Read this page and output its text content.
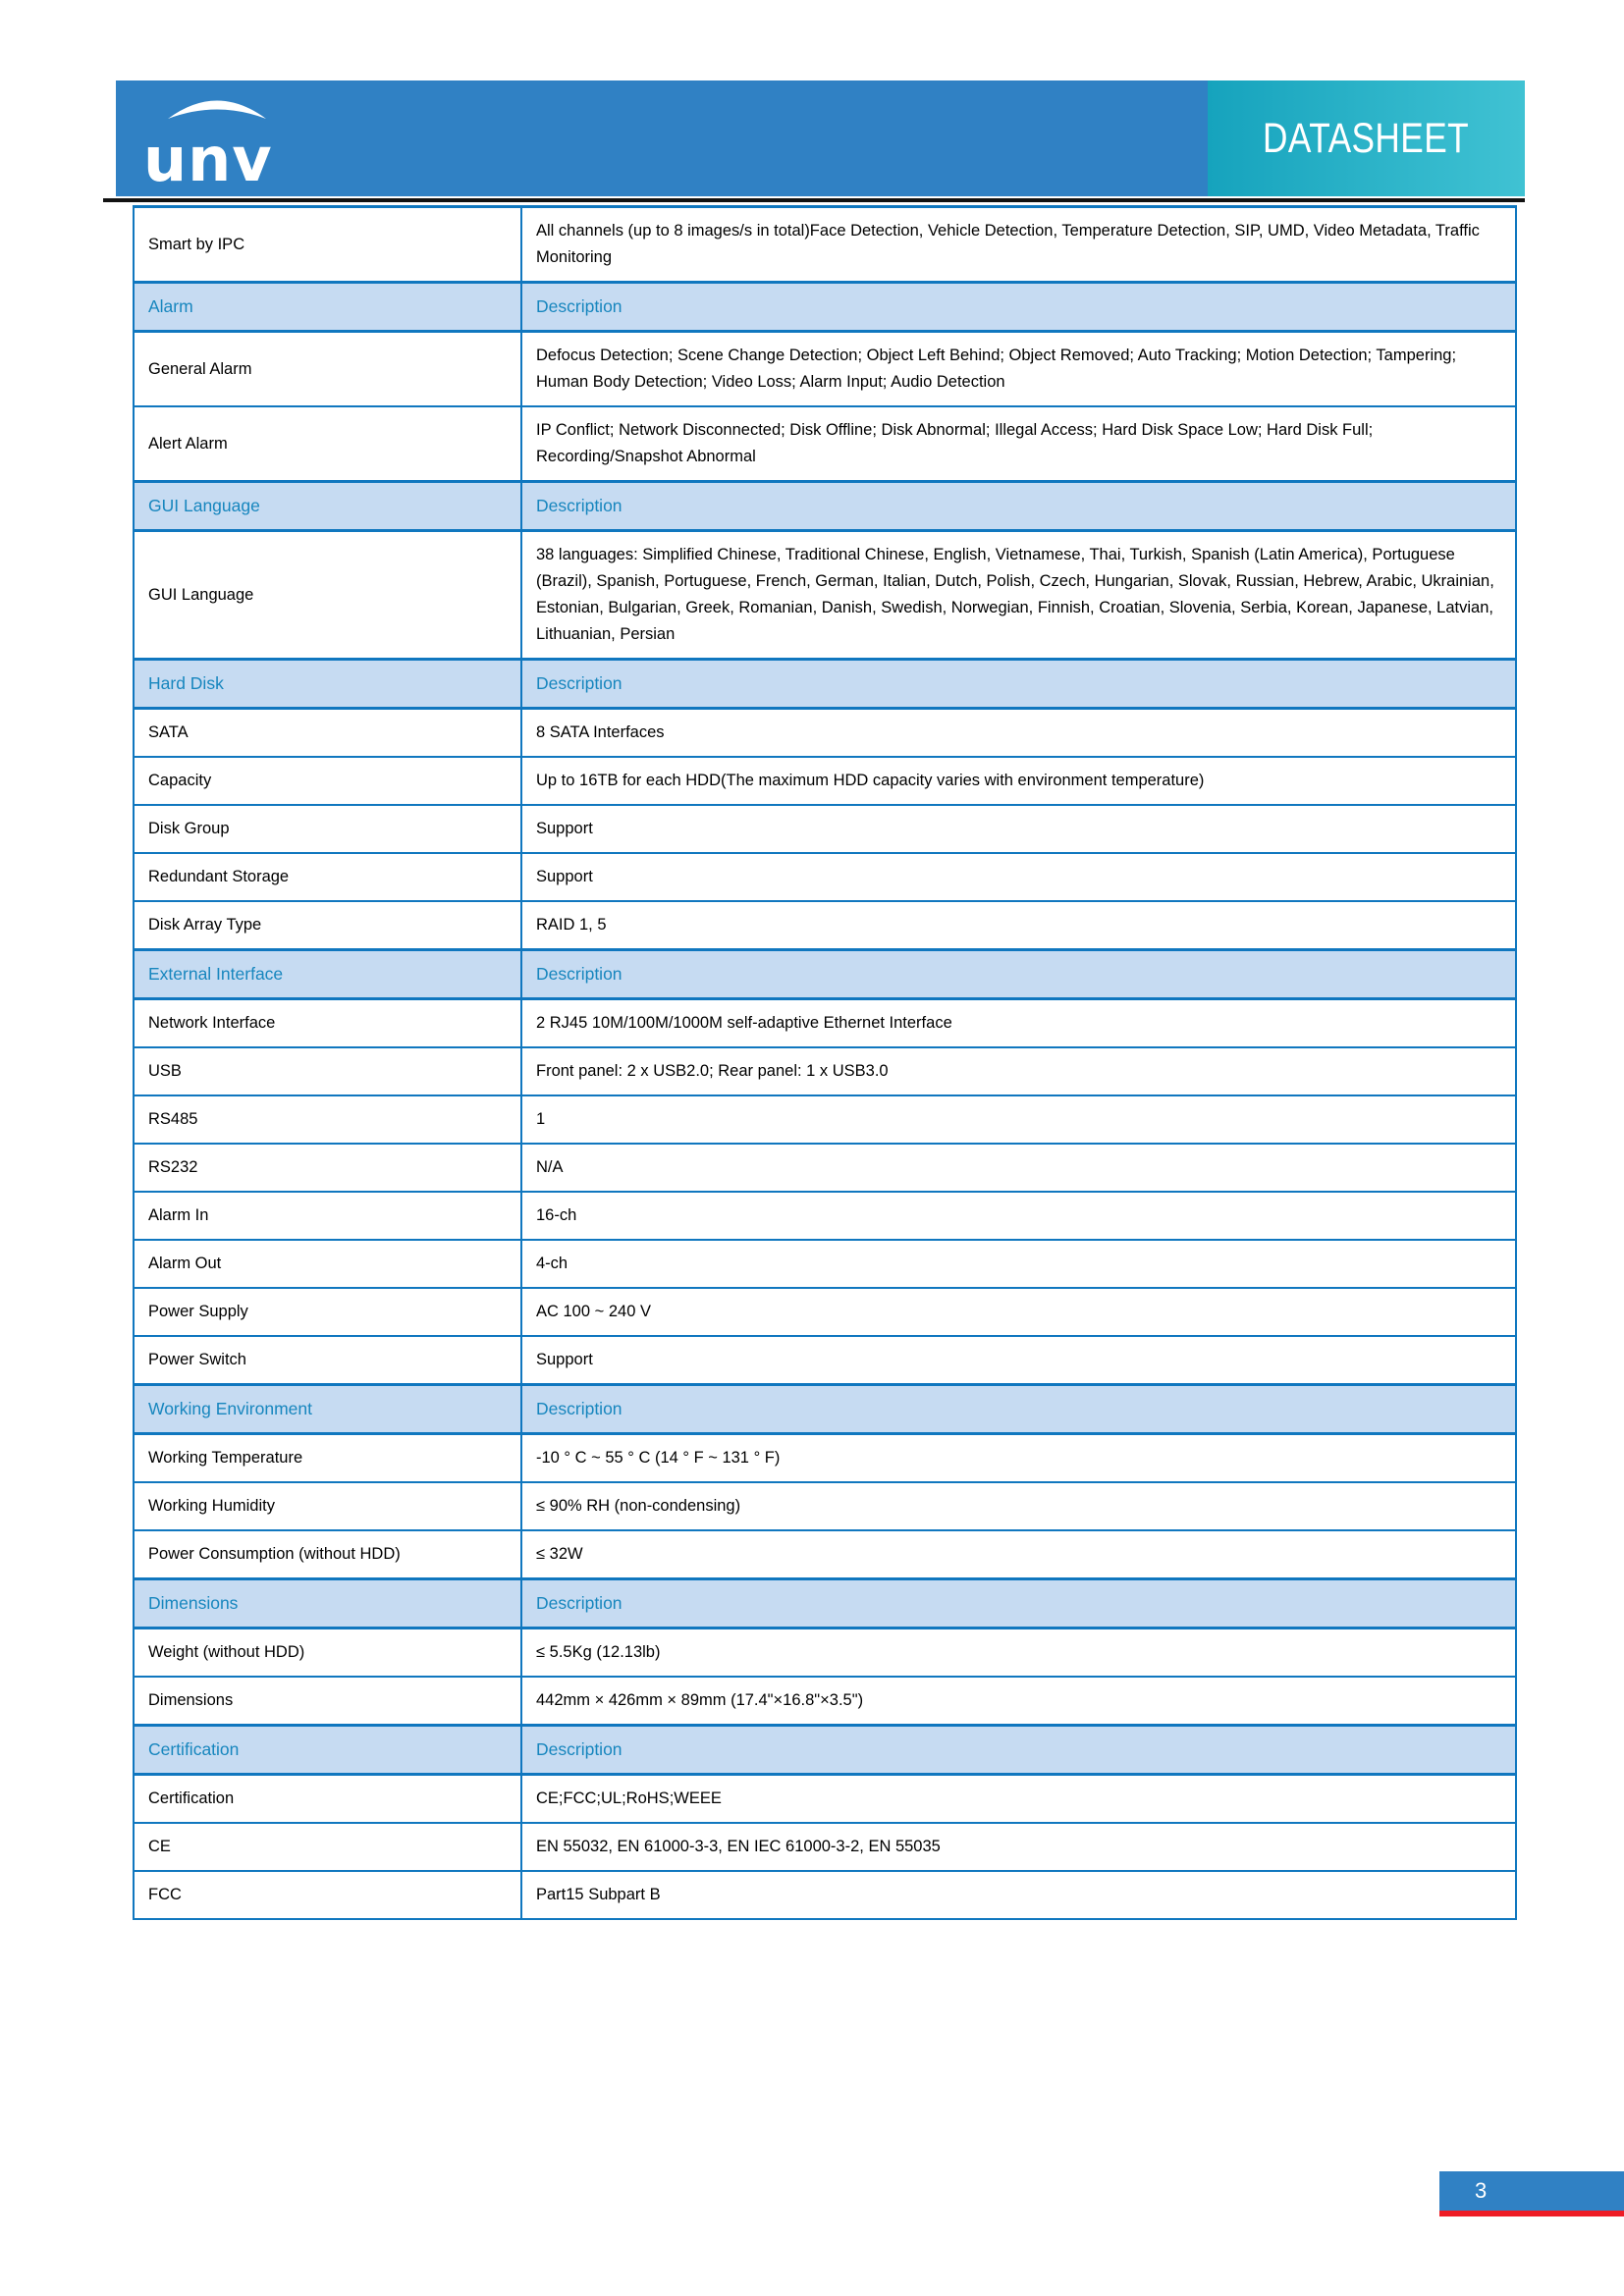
unv	DATASHEET
Smart by IPC	All channels (up to 8 images/s in total)Face Detection, Vehicle Detection, Temperature Detection, SIP, UMD, Video Metadata, Traffic Monitoring
Alarm	Description
General Alarm	Defocus Detection; Scene Change Detection; Object Left Behind; Object Removed; Auto Tracking; Motion Detection; Tampering; Human Body Detection; Video Loss; Alarm Input; Audio Detection
Alert Alarm	IP Conflict; Network Disconnected; Disk Offline; Disk Abnormal; Illegal Access; Hard Disk Space Low; Hard Disk Full; Recording/Snapshot Abnormal
GUI Language	Description
GUI Language	38 languages: Simplified Chinese, Traditional Chinese, English, Vietnamese, Thai, Turkish, Spanish (Latin America), Portuguese (Brazil), Spanish, Portuguese, French, German, Italian, Dutch, Polish, Czech, Hungarian, Slovak, Russian, Hebrew, Arabic, Ukrainian, Estonian, Bulgarian, Greek, Romanian, Danish, Swedish, Norwegian, Finnish, Croatian, Slovenia, Serbia, Korean, Japanese, Latvian, Lithuanian, Persian
Hard Disk	Description
SATA	8 SATA Interfaces
Capacity	Up to 16TB for each HDD(The maximum HDD capacity varies with environment temperature)
Disk Group	Support
Redundant Storage	Support
Disk Array Type	RAID 1, 5
External Interface	Description
Network Interface	2 RJ45 10M/100M/1000M self-adaptive Ethernet Interface
USB	Front panel: 2 x USB2.0; Rear panel: 1 x USB3.0
RS485	1
RS232	N/A
Alarm In	16-ch
Alarm Out	4-ch
Power Supply	AC 100 ~ 240 V
Power Switch	Support
Working Environment	Description
Working Temperature	-10 ° C ~ 55 ° C (14 ° F ~ 131 ° F)
Working Humidity	≤ 90% RH (non-condensing)
Power Consumption (without HDD)	≤ 32W
Dimensions	Description
Weight (without HDD)	≤ 5.5Kg (12.13lb)
Dimensions	442mm × 426mm × 89mm (17.4"×16.8"×3.5")
Certification	Description
Certification	CE;FCC;UL;RoHS;WEEE
CE	EN 55032, EN 61000-3-3, EN IEC 61000-3-2, EN 55035
FCC	Part15 Subpart B
3
